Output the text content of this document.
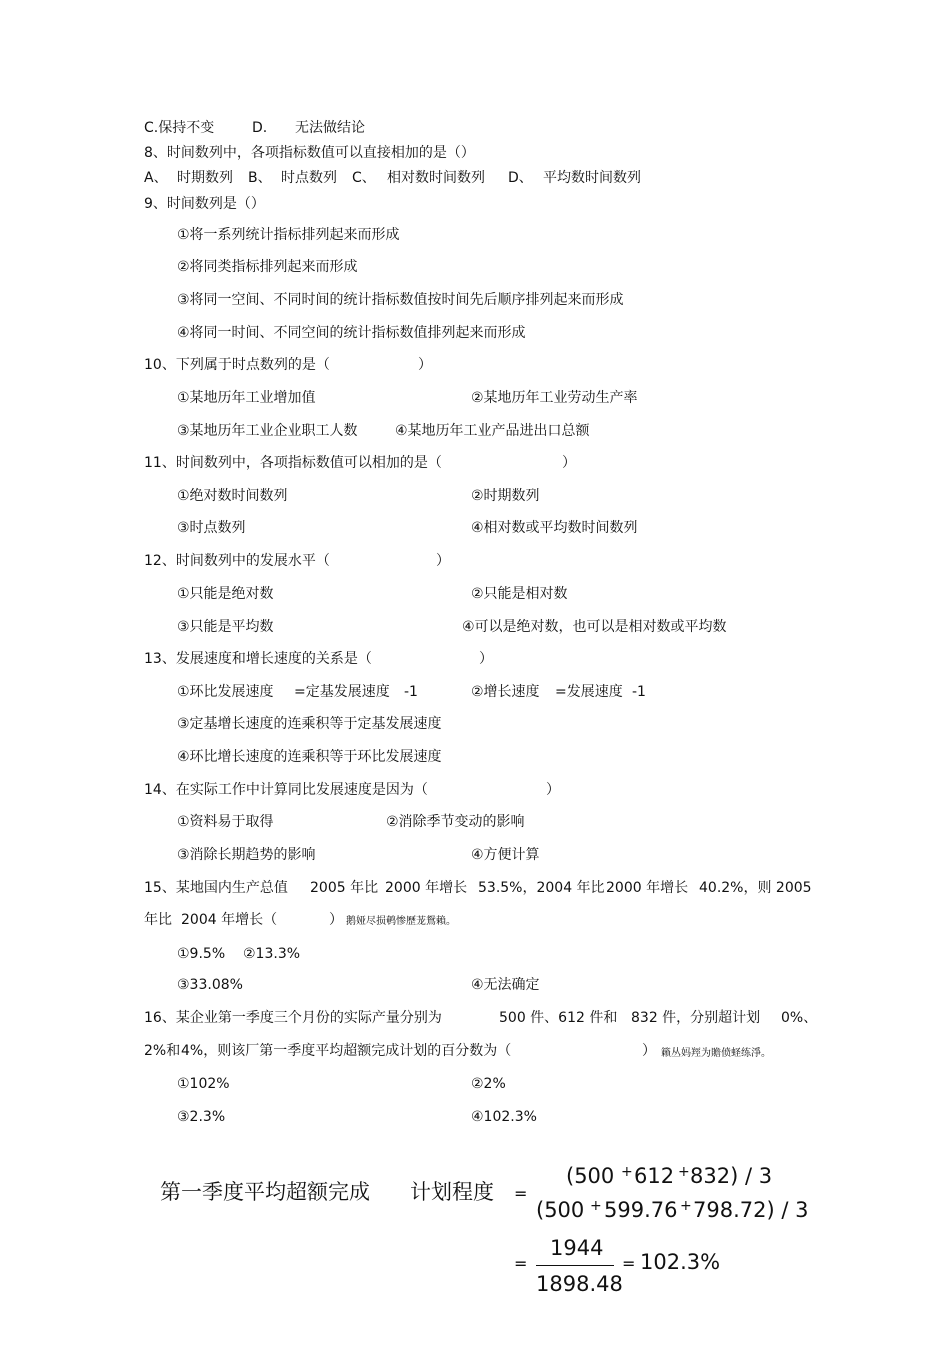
C.保持不变	D. 无法做结论
8、时间数列中，各项指标数值可以直接相加的是（）
A、 时期数列 B、 时点数列 C、 相对数时间数列 D、 平均数时间数列
9、时间数列是（）
①将一系列统计指标排列起来而形成
②将同类指标排列起来而形成
③将同一空间、不同时间的统计指标数值按时间先后顺序排列起来而形成
④将同一时间、不同空间的统计指标数值排列起来而形成
10、下列属于时点数列的是（	）
①某地历年工业增加值	②某地历年工业劳动生产率
③某地历年工业企业职工人数	④某地历年工业产品进出口总额
11、时间数列中，各项指标数值可以相加的是（	）
①绝对数时间数列	②时期数列
③时点数列	④相对数或平均数时间数列
12、时间数列中的发展水平（	）
①只能是绝对数	②只能是相对数
③只能是平均数	④可以是绝对数，也可以是相对数或平均数
13、发展速度和增长速度的关系是（	）
①环比发展速度 =定基发展速度 -1	②增长速度 =发展速度 -1
③定基增长速度的连乘积等于定基发展速度
④环比增长速度的连乘积等于环比发展速度
14、在实际工作中计算同比发展速度是因为（	）
①资料易于取得	②消除季节变动的影响
③消除长期趋势的影响	④方便计算
15、某地国内生产总值 2005 年比 2000 年增长 53.5%，2004 年比 2000 年增长 40.2%，则 2005
年比 2004 年增长（	） 鹅娅尽损鹌惨歷茏鴛賴。
①9.5% ②13.3%
③33.08%	④无法确定
16、某企业第一季度三个月份的实际产量分别为	500 件、612 件和 832 件，分别超计划 0%、
2%和 4%，则该厂第一季度平均超额完成计划的百分数为（	） 籟丛妈羥为贍偾蛏练淨。
①102%	②2%
③2.3%	④102.3%
第一季度平均超额完成 计划程度 =
(500 + 612 + 832) / 3
(500 + 599.76 + 798.72) / 3
=
1944
1898.48
= 102.3%
